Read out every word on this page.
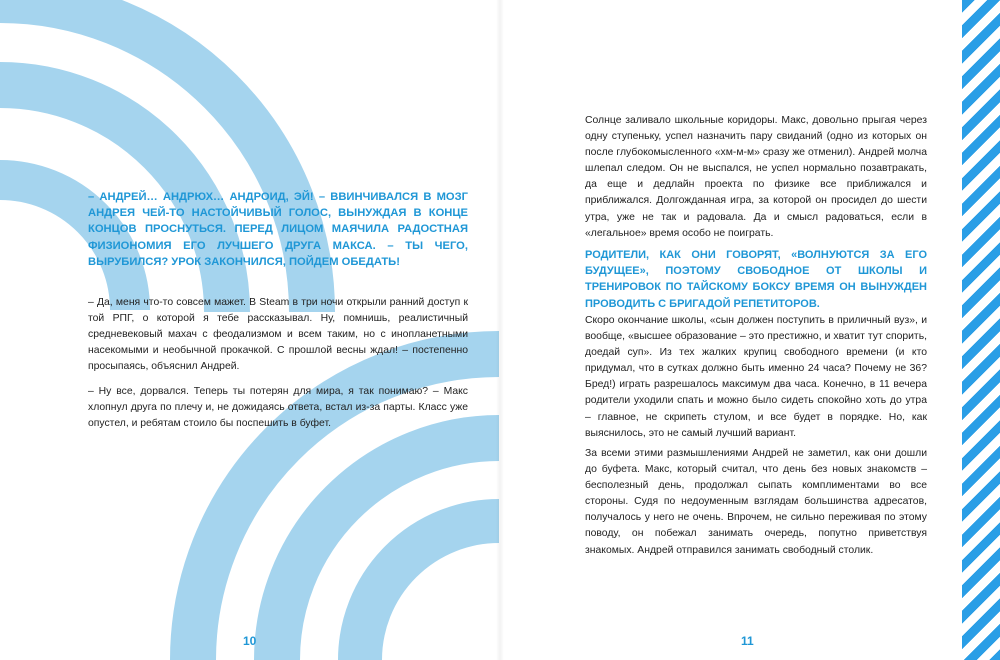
– АНДРЕЙ… АНДРЮХ… АНДРОИД, ЭЙ! – ВВИНЧИВАЛСЯ В МОЗГ АНДРЕЯ ЧЕЙ-ТО НАСТОЙЧИВЫЙ ГОЛОС, ВЫНУЖДАЯ В КОНЦЕ КОНЦОВ ПРОСНУТЬСЯ. ПЕРЕД ЛИЦОМ МАЯЧИЛА РАДОСТНАЯ ФИЗИОНОМИЯ ЕГО ЛУЧШЕГО ДРУГА МАКСА. – ТЫ ЧЕГО, ВЫРУБИЛСЯ? УРОК ЗАКОНЧИЛСЯ, ПОЙДЕМ ОБЕДАТЬ!

– Да, меня что-то совсем мажет. В Steam в три ночи открыли ранний доступ к той РПГ, о которой я тебе рассказывал. Ну, помнишь, реалистичный средневековый махач с феодализмом и всем таким, но с инопланетными насекомыми и необычной прокачкой. С прошлой весны ждал! – постепенно просыпаясь, объяснил Андрей.

– Ну все, дорвался. Теперь ты потерян для мира, я так понимаю? – Макс хлопнул друга по плечу и, не дожидаясь ответа, встал из-за парты. Класс уже опустел, и ребятам стоило бы поспешить в буфет.

Солнце заливало школьные коридоры. Макс, довольно прыгая через одну ступеньку, успел назначить пару свиданий (одно из которых он после глубокомысленного «хм-м-м» сразу же отменил). Андрей молча шлепал следом. Он не выспался, не успел нормально позавтракать, да еще и дедлайн проекта по физике все приближался и приближался. Долгожданная игра, за которой он просидел до шести утра, уже не так и радовала. Да и смысл радоваться, если в «легальное» время особо не поиграть.

РОДИТЕЛИ, КАК ОНИ ГОВОРЯТ, «ВОЛНУЮТСЯ ЗА ЕГО БУДУЩЕЕ», ПОЭТОМУ СВОБОДНОЕ ОТ ШКОЛЫ И ТРЕНИРОВОК ПО ТАЙСКОМУ БОКСУ ВРЕМЯ ОН ВЫНУЖДЕН ПРОВОДИТЬ С БРИГАДОЙ РЕПЕТИТОРОВ.

Скоро окончание школы, «сын должен поступить в приличный вуз», и вообще, «высшее образование – это престижно, и хватит тут спорить, доедай суп». Из тех жалких крупиц свободного времени (и кто придумал, что в сутках должно быть именно 24 часа? Почему не 36? Бред!) играть разрешалось максимум два часа. Конечно, в 11 вечера родители уходили спать и можно было сидеть спокойно хоть до утра – главное, не скрипеть стулом, и все будет в порядке. Но, как выяснилось, это не самый лучший вариант.

За всеми этими размышлениями Андрей не заметил, как они дошли до буфета. Макс, который считал, что день без новых знакомств – бесполезный день, продолжал сыпать комплиментами во все стороны. Судя по недоуменным взглядам большинства адресатов, получалось у него не очень. Впрочем, не сильно переживая по этому поводу, он побежал занимать очередь, попутно приветствуя знакомых. Андрей отправился занимать свободный столик.

10	11
